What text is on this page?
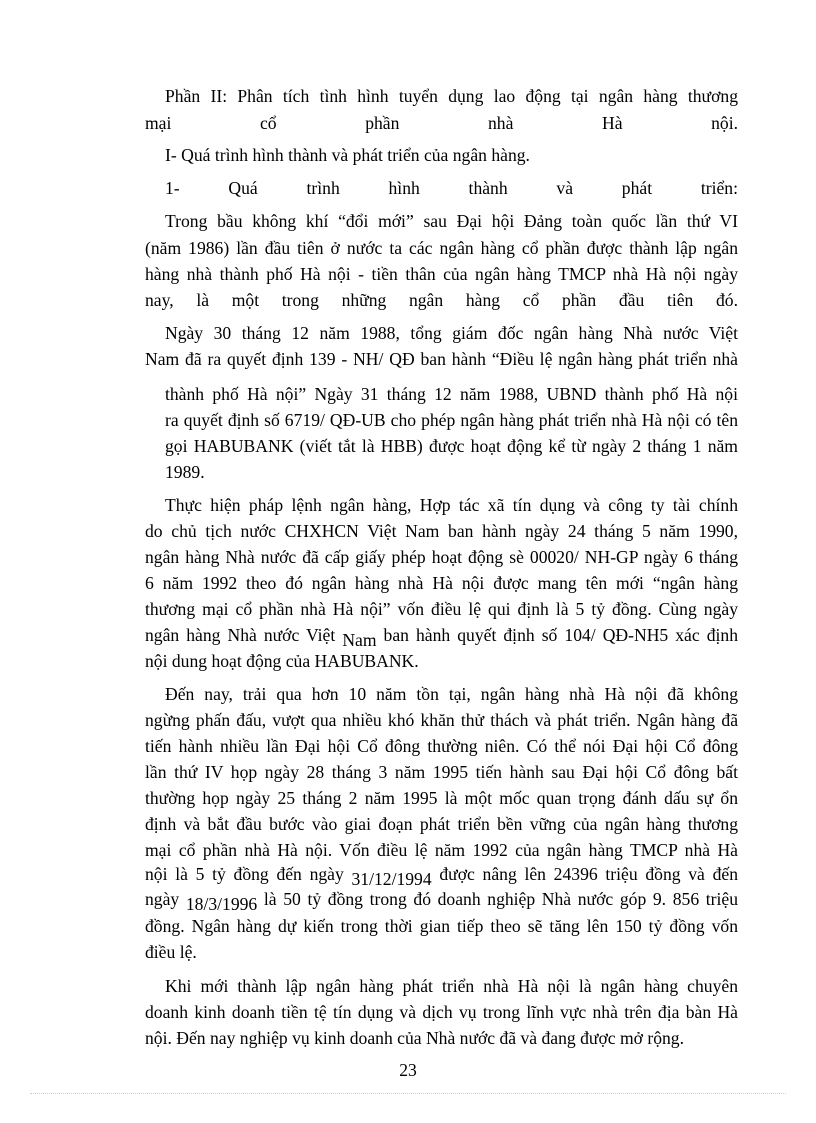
Phần II: Phân tích tình hình tuyển dụng lao động tại ngân hàng thương
mại cổ phần nhà Hà nội.
I- Quá trình hình thành và phát triển của ngân hàng.
1- Quá trình hình thành và phát triển:
Trong bầu không khí “đổi mới” sau Đại hội Đảng toàn quốc lần thứ VI
(năm 1986) lần đầu tiên ở nước ta các ngân hàng cổ phần được thành lập ngân
hàng nhà thành phố Hà nội - tiền thân của ngân hàng TMCP nhà Hà nội ngày
nay, là một trong những ngân hàng cổ phần đầu tiên đó.
Ngày 30 tháng 12 năm 1988, tổng giám đốc ngân hàng Nhà nước Việt
Nam đã ra quyết định 139 - NH/ QĐ ban hành “Điều lệ ngân hàng phát triển nhà
thành phố Hà nội” Ngày 31 tháng 12 năm 1988, UBND thành phố Hà nội
ra quyết định số 6719/ QĐ-UB cho phép ngân hàng phát triển nhà Hà nội có tên
gọi HABUBANK (viết tắt là HBB) được hoạt động kể từ ngày 2 tháng 1 năm
1989.
Thực hiện pháp lệnh ngân hàng, Hợp tác xã tín dụng và công ty tài chính
do chủ tịch nước CHXHCN Việt Nam ban hành ngày 24 tháng 5 năm 1990,
ngân hàng Nhà nước đã cấp giấy phép hoạt động sè 00020/ NH-GP ngày 6 tháng
6 năm 1992 theo đó ngân hàng nhà Hà nội được mang tên mới “ngân hàng
thương mại cổ phần nhà Hà nội” vốn điều lệ qui định là 5 tỷ đồng. Cùng ngày
ngân hàng Nhà nước Việt Nam ban hành quyết định số 104/ QĐ-NH5 xác định
nội dung hoạt động của HABUBANK.
Đến nay, trải qua hơn 10 năm tồn tại, ngân hàng nhà Hà nội đã không
ngừng phấn đấu, vượt qua nhiều khó khăn thử thách và phát triển. Ngân hàng đã
tiến hành nhiều lần Đại hội Cổ đông thường niên. Có thể nói Đại hội Cổ đông
lần thứ IV họp ngày 28 tháng 3 năm 1995 tiến hành sau Đại hội Cổ đông bất
thường họp ngày 25 tháng 2 năm 1995 là một mốc quan trọng đánh dấu sự ổn
định và bắt đầu bước vào giai đoạn phát triển bền vững của ngân hàng thương
mại cổ phần nhà Hà nội. Vốn điều lệ năm 1992 của ngân hàng TMCP nhà Hà
nội là 5 tỷ đồng đến ngày 31/12/1994 được nâng lên 24396 triệu đồng và đến
ngày 18/3/1996 là 50 tỷ đồng trong đó doanh nghiệp Nhà nước góp 9. 856 triệu
đồng. Ngân hàng dự kiến trong thời gian tiếp theo sẽ tăng lên 150 tỷ đồng vốn
điều lệ.
Khi mới thành lập ngân hàng phát triển nhà Hà nội là ngân hàng chuyên
doanh kinh doanh tiền tệ tín dụng và dịch vụ trong lĩnh vực nhà trên địa bàn Hà
nội. Đến nay nghiệp vụ kinh doanh của Nhà nước đã và đang được mở rộng.
23
